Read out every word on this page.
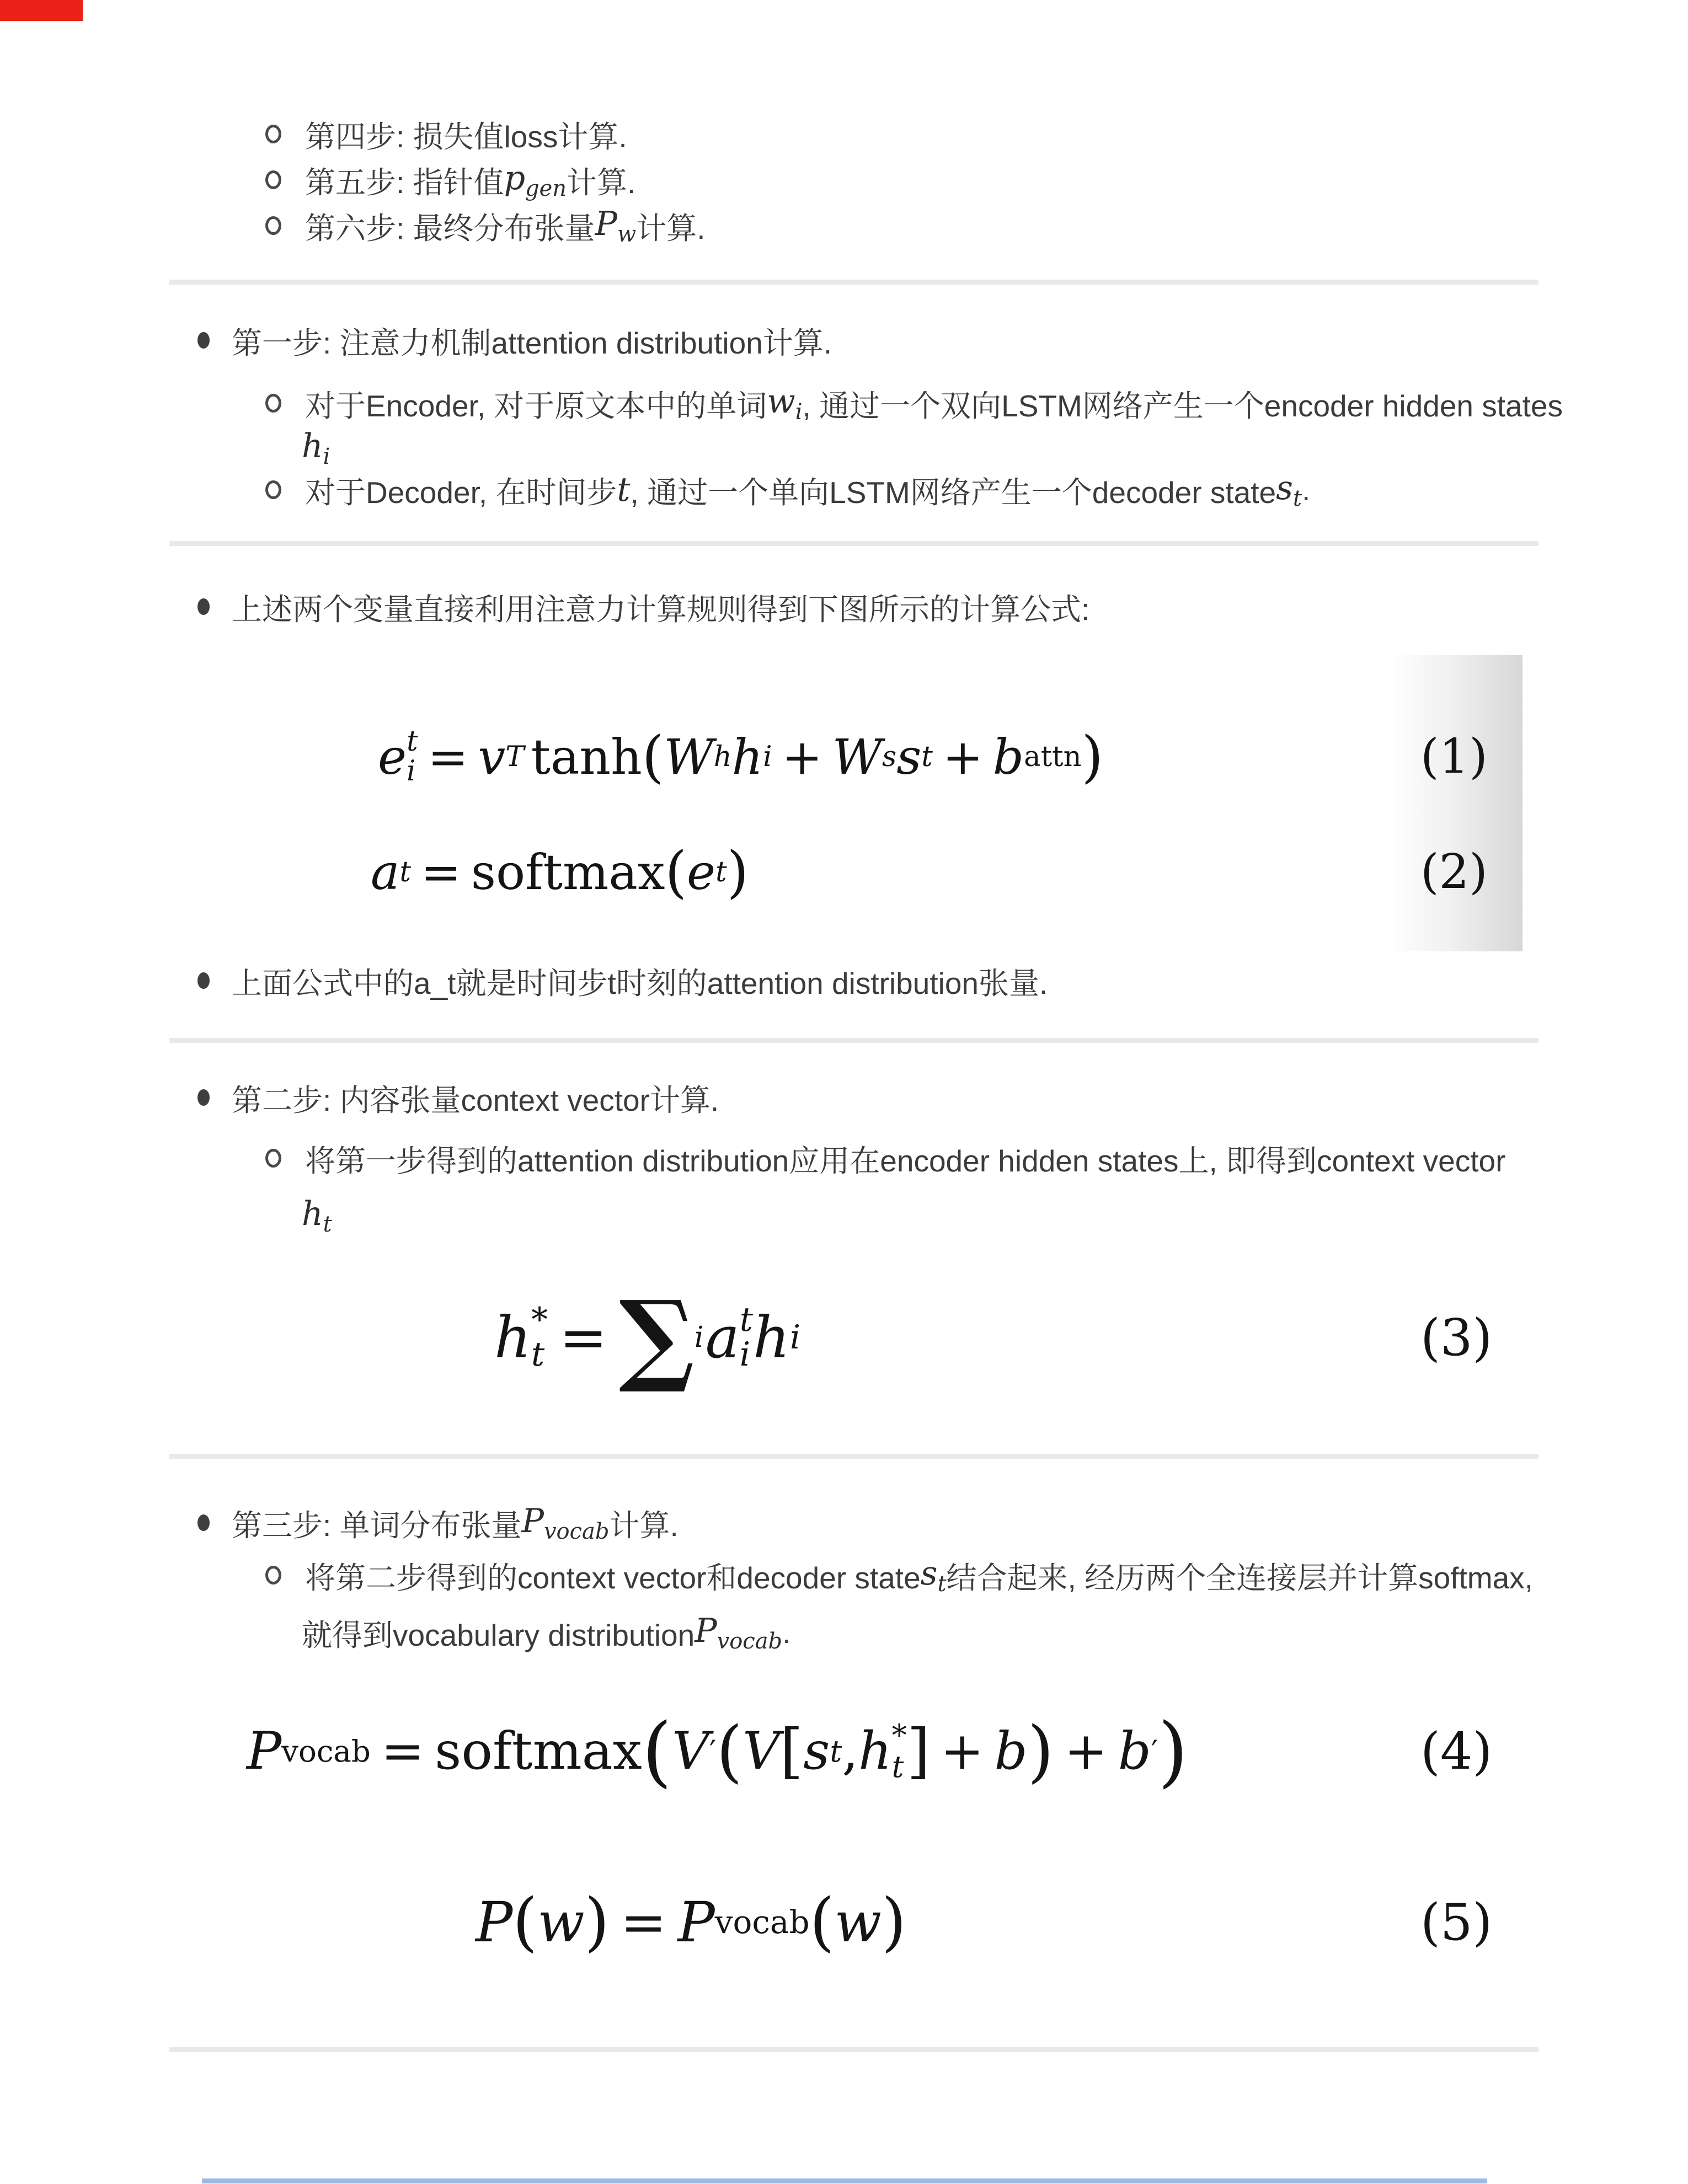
第四步: 损失值loss计算.
第五步: 指针值 $p_{gen}$ 计算.
第六步: 最终分布张量 $P_w$ 计算.
第一步: 注意力机制attention distribution计算.
对于Encoder, 对于原文本中的单词 $w_i$ , 通过一个双向LSTM网络产生一个encoder hidden states
$h_i$
对于Decoder, 在时间步 t , 通过一个单向LSTM网络产生一个decoder state $s_t$ .
上述两个变量直接利用注意力计算规则得到下图所示的计算公式:
e t
i = v T tanh ( W h h i + W s s t + b attn )	(1)
a t = softmax ( e t )	(2)
上面公式中的a_t就是时间步t时刻的attention distribution张量.
第二步: 内容张量context vector计算.
将第一步得到的attention distribution应用在encoder hidden states上, 即得到context vector
$h_t$
h *
t = ∑ i a t
i h i	(3)
第三步: 单词分布张量 $P_{vocab}$ 计算.
将第二步得到的context vector和decoder state $s_t$ 结合起来, 经历两个全连接层并计算softmax,
就得到vocabulary distribution $P_{vocab}$ .
P vocab = softmax ( V ′ ( V [ s t , h *
t ] + b ) + b ′ )	(4)
P ( w ) = P vocab ( w )	(5)
